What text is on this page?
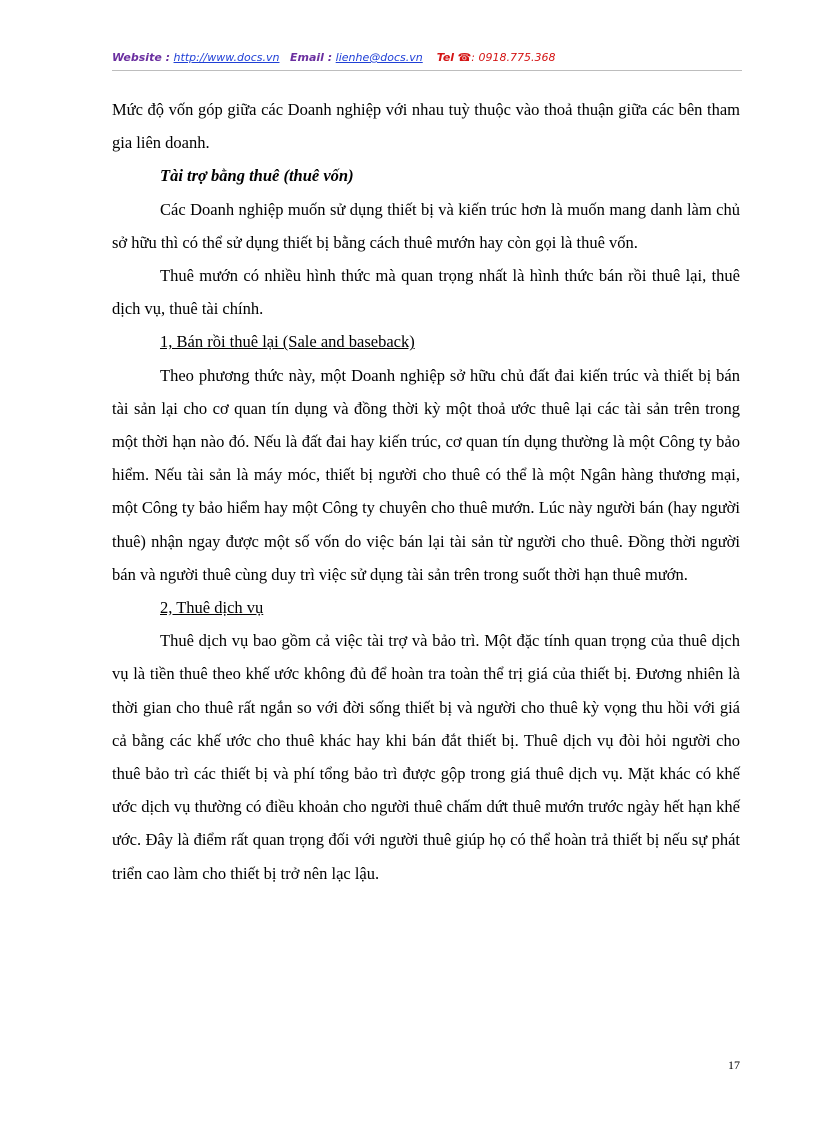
Website : http://www.docs.vn Email : lienhe@docs.vn Tel ☎: 0918.775.368

Mức độ vốn góp giữa các Doanh nghiệp với nhau tuỳ thuộc vào thoả thuận giữa các bên tham gia liên doanh.

Tài trợ bằng thuê (thuê vốn)

Các Doanh nghiệp muốn sử dụng thiết bị và kiến trúc hơn là muốn mang danh làm chủ sở hữu thì có thể sử dụng thiết bị bằng cách thuê mướn hay còn gọi là thuê vốn.

Thuê mướn có nhiều hình thức mà quan trọng nhất là hình thức bán rồi thuê lại, thuê dịch vụ, thuê tài chính.

1, Bán rồi thuê lại (Sale and baseback)

Theo phương thức này, một Doanh nghiệp sở hữu chủ đất đai kiến trúc và thiết bị bán tài sản lại cho cơ quan tín dụng và đồng thời kỳ một thoả ước thuê lại các tài sản trên trong một thời hạn nào đó. Nếu là đất đai hay kiến trúc, cơ quan tín dụng thường là một Công ty bảo hiểm. Nếu tài sản là máy móc, thiết bị người cho thuê có thể là một Ngân hàng thương mại, một Công ty bảo hiểm hay một Công ty chuyên cho thuê mướn. Lúc này người bán (hay người thuê) nhận ngay được một số vốn do việc bán lại tài sản từ người cho thuê. Đồng thời người bán và người thuê cùng duy trì việc sử dụng tài sản trên trong suốt thời hạn thuê mướn.

2, Thuê dịch vụ

Thuê dịch vụ bao gồm cả việc tài trợ và bảo trì. Một đặc tính quan trọng của thuê dịch vụ là tiền thuê theo khế ước không đủ để hoàn tra toàn thể trị giá của thiết bị. Đương nhiên là thời gian cho thuê rất ngắn so với đời sống thiết bị và người cho thuê kỳ vọng thu hồi với giá cả bằng các khế ước cho thuê khác hay khi bán đắt thiết bị. Thuê dịch vụ đòi hỏi người cho thuê bảo trì các thiết bị và phí tổng bảo trì được gộp trong giá thuê dịch vụ. Mặt khác có khế ước dịch vụ thường có điều khoản cho người thuê chấm dứt thuê mướn trước ngày hết hạn khế ước. Đây là điểm rất quan trọng đối với người thuê giúp họ có thể hoàn trả thiết bị nếu sự phát triển cao làm cho thiết bị trở nên lạc lậu.

17
